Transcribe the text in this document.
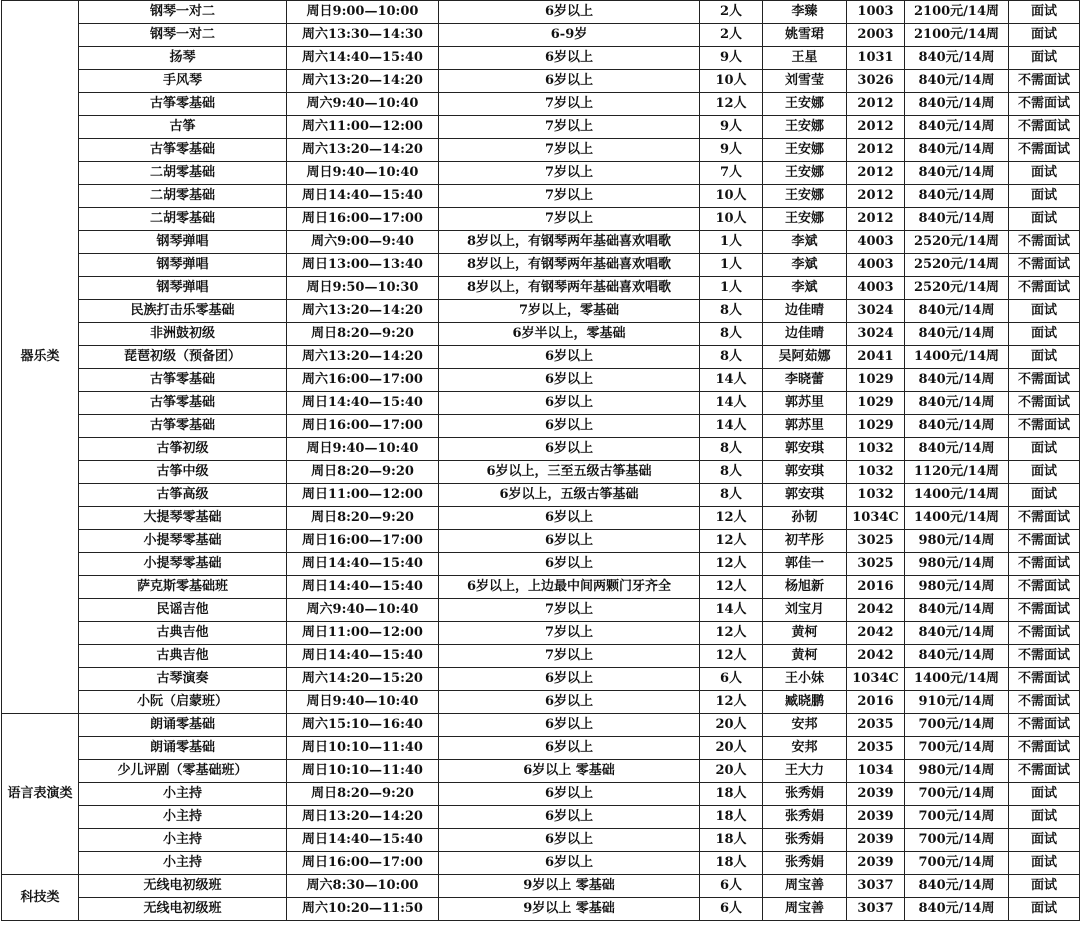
器乐类	钢琴一对二	周日9:00—10:00	6岁以上	2人	李臻	1003	2100元/14周	面试
	钢琴一对二	周六13:30—14:30	6-9岁	2人	姚雪珺	2003	2100元/14周	面试
	扬琴	周六14:40—15:40	6岁以上	9人	王星	1031	840元/14周	面试
	手风琴	周六13:20—14:20	6岁以上	10人	刘雪莹	3026	840元/14周	不需面试
	古筝零基础	周六9:40—10:40	7岁以上	12人	王安娜	2012	840元/14周	不需面试
	古筝	周六11:00—12:00	7岁以上	9人	王安娜	2012	840元/14周	不需面试
	古筝零基础	周六13:20—14:20	7岁以上	9人	王安娜	2012	840元/14周	不需面试
	二胡零基础	周日9:40—10:40	7岁以上	7人	王安娜	2012	840元/14周	面试
	二胡零基础	周日14:40—15:40	7岁以上	10人	王安娜	2012	840元/14周	面试
	二胡零基础	周日16:00—17:00	7岁以上	10人	王安娜	2012	840元/14周	面试
	钢琴弹唱	周六9:00—9:40	8岁以上，有钢琴两年基础喜欢唱歌	1人	李斌	4003	2520元/14周	不需面试
	钢琴弹唱	周日13:00—13:40	8岁以上，有钢琴两年基础喜欢唱歌	1人	李斌	4003	2520元/14周	不需面试
	钢琴弹唱	周日9:50—10:30	8岁以上，有钢琴两年基础喜欢唱歌	1人	李斌	4003	2520元/14周	不需面试
	民族打击乐零基础	周六13:20—14:20	7岁以上，零基础	8人	边佳晴	3024	840元/14周	面试
	非洲鼓初级	周日8:20—9:20	6岁半以上，零基础	8人	边佳晴	3024	840元/14周	面试
	琵琶初级（预备团）	周六13:20—14:20	6岁以上	8人	吴阿茹娜	2041	1400元/14周	面试
	古筝零基础	周六16:00—17:00	6岁以上	14人	李晓蕾	1029	840元/14周	不需面试
	古筝零基础	周日14:40—15:40	6岁以上	14人	郭苏里	1029	840元/14周	不需面试
	古筝零基础	周日16:00—17:00	6岁以上	14人	郭苏里	1029	840元/14周	不需面试
	古筝初级	周日9:40—10:40	6岁以上	8人	郭安琪	1032	840元/14周	面试
	古筝中级	周日8:20—9:20	6岁以上，三至五级古筝基础	8人	郭安琪	1032	1120元/14周	面试
	古筝高级	周日11:00—12:00	6岁以上，五级古筝基础	8人	郭安琪	1032	1400元/14周	面试
	大提琴零基础	周日8:20—9:20	6岁以上	12人	孙韧	1034C	1400元/14周	不需面试
	小提琴零基础	周日16:00—17:00	6岁以上	12人	初芊彤	3025	980元/14周	不需面试
	小提琴零基础	周日14:40—15:40	6岁以上	12人	郭佳一	3025	980元/14周	不需面试
	萨克斯零基础班	周日14:40—15:40	6岁以上，上边最中间两颗门牙齐全	12人	杨旭新	2016	980元/14周	不需面试
	民谣吉他	周六9:40—10:40	7岁以上	14人	刘宝月	2042	840元/14周	不需面试
	古典吉他	周日11:00—12:00	7岁以上	12人	黄柯	2042	840元/14周	不需面试
	古典吉他	周日14:40—15:40	7岁以上	12人	黄柯	2042	840元/14周	不需面试
	古琴演奏	周六14:20—15:20	6岁以上	6人	王小妹	1034C	1400元/14周	不需面试
	小阮（启蒙班）	周日9:40—10:40	6岁以上	12人	臧晓鹏	2016	910元/14周	不需面试
语言表演类	朗诵零基础	周六15:10—16:40	6岁以上	20人	安邦	2035	700元/14周	不需面试
	朗诵零基础	周日10:10—11:40	6岁以上	20人	安邦	2035	700元/14周	不需面试
	少儿评剧（零基础班）	周日10:10—11:40	6岁以上 零基础	20人	王大力	1034	980元/14周	不需面试
	小主持	周日8:20—9:20	6岁以上	18人	张秀娟	2039	700元/14周	面试
	小主持	周日13:20—14:20	6岁以上	18人	张秀娟	2039	700元/14周	面试
	小主持	周日14:40—15:40	6岁以上	18人	张秀娟	2039	700元/14周	面试
	小主持	周日16:00—17:00	6岁以上	18人	张秀娟	2039	700元/14周	面试
科技类	无线电初级班	周六8:30—10:00	9岁以上 零基础	6人	周宝善	3037	840元/14周	面试
	无线电初级班	周六10:20—11:50	9岁以上 零基础	6人	周宝善	3037	840元/14周	面试
